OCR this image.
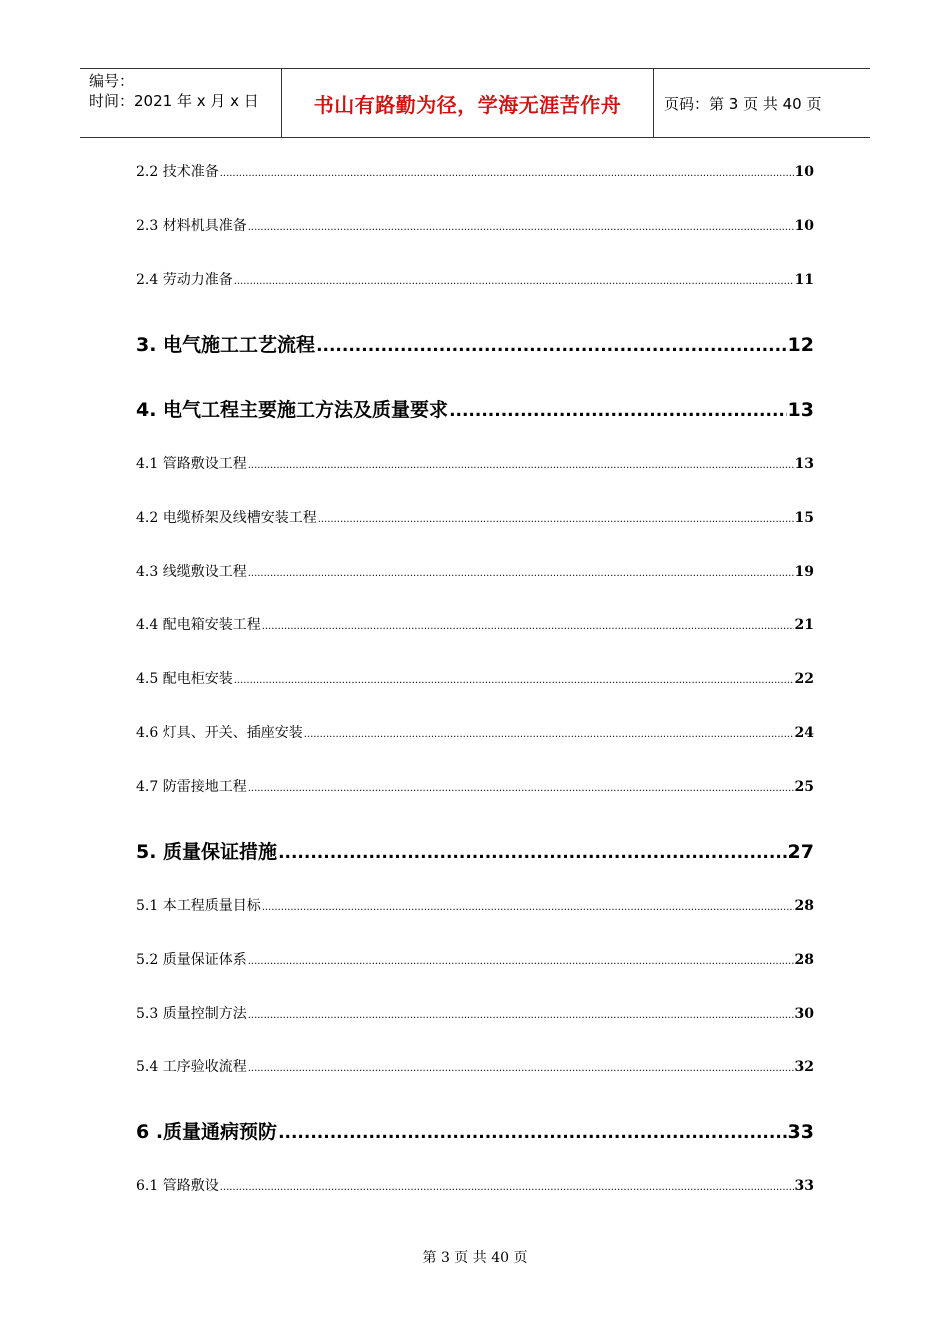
编号：
时间：2021 年 x 月 x 日	书山有路勤为径，学海无涯苦作舟	页码：第 3 页 共 40 页
2.2 技术准备 .....	10
2.3 材料机具准备 .....	10
2.4 劳动力准备 .....	11
3. 电气施工工艺流程 .....	12
4. 电气工程主要施工方法及质量要求 .....	13
4.1 管路敷设工程 .....	13
4.2 电缆桥架及线槽安装工程 .....	15
4.3 线缆敷设工程 .....	19
4.4 配电箱安装工程 .....	21
4.5 配电柜安装 .....	22
4.6 灯具、开关、插座安装 .....	24
4.7 防雷接地工程 .....	25
5. 质量保证措施 .....	27
5.1 本工程质量目标 .....	28
5.2 质量保证体系 .....	28
5.3 质量控制方法 .....	30
5.4 工序验收流程 .....	32
6 .质量通病预防 .....	33
6.1 管路敷设 .....	33
第 3 页 共 40 页
